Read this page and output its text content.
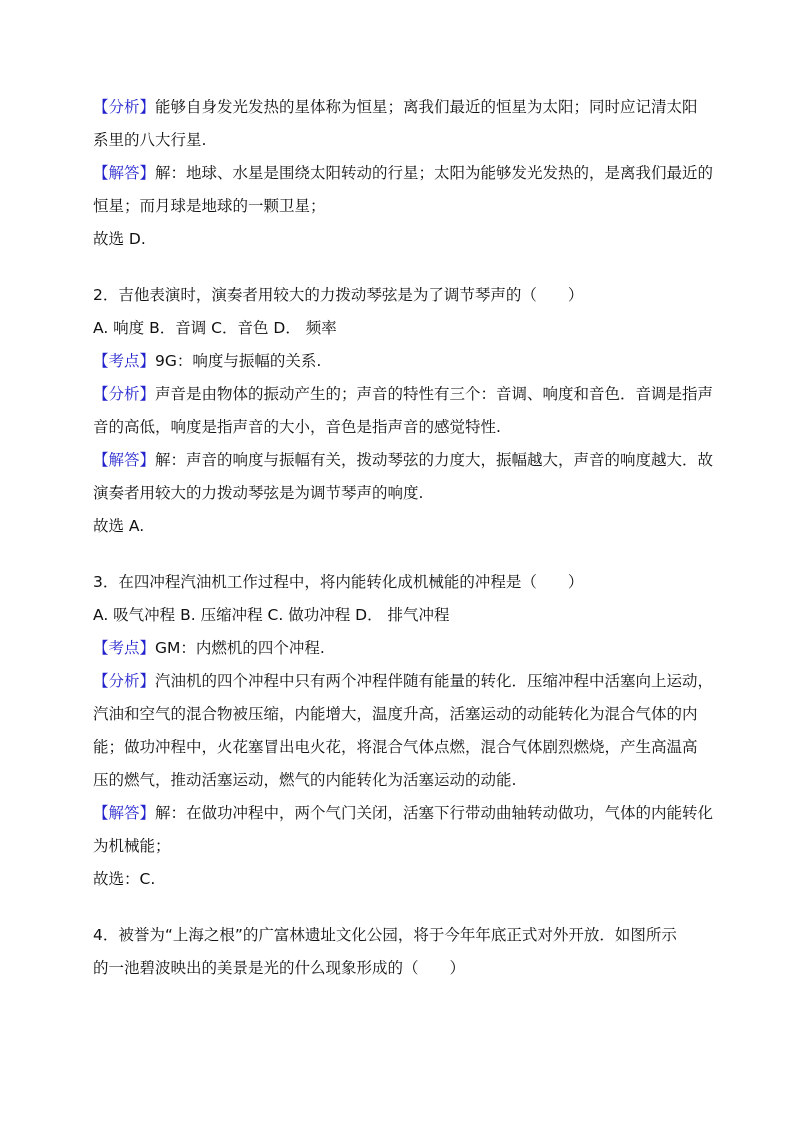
【分析】能够自身发光发热的星体称为恒星；离我们最近的恒星为太阳；同时应记清太阳

系里的八大行星.

【解答】解：地球、水星是围绕太阳转动的行星；太阳为能够发光发热的，是离我们最近的

恒星；而月球是地球的一颗卫星；

故选 D.

2．吉他表演时，演奏者用较大的力拨动琴弦是为了调节琴声的（　　）

A. 响度 B．音调 C．音色 D． 频率

【考点】9G：响度与振幅的关系.

【分析】声音是由物体的振动产生的；声音的特性有三个：音调、响度和音色．音调是指声

音的高低，响度是指声音的大小，音色是指声音的感觉特性.

【解答】解：声音的响度与振幅有关，拨动琴弦的力度大，振幅越大，声音的响度越大．故

演奏者用较大的力拨动琴弦是为调节琴声的响度.

故选 A.

3．在四冲程汽油机工作过程中，将内能转化成机械能的冲程是（　　）

A. 吸气冲程 B. 压缩冲程 C. 做功冲程 D． 排气冲程

【考点】GM：内燃机的四个冲程.

【分析】汽油机的四个冲程中只有两个冲程伴随有能量的转化．压缩冲程中活塞向上运动，

汽油和空气的混合物被压缩，内能增大，温度升高，活塞运动的动能转化为混合气体的内

能；做功冲程中，火花塞冒出电火花，将混合气体点燃，混合气体剧烈燃烧，产生高温高

压的燃气，推动活塞运动，燃气的内能转化为活塞运动的动能.

【解答】解：在做功冲程中，两个气门关闭，活塞下行带动曲轴转动做功，气体的内能转化

为机械能；

故选：C.

4．被誉为“上海之根”的广富林遗址文化公园，将于今年年底正式对外开放．如图所示

的一池碧波映出的美景是光的什么现象形成的（　　）
